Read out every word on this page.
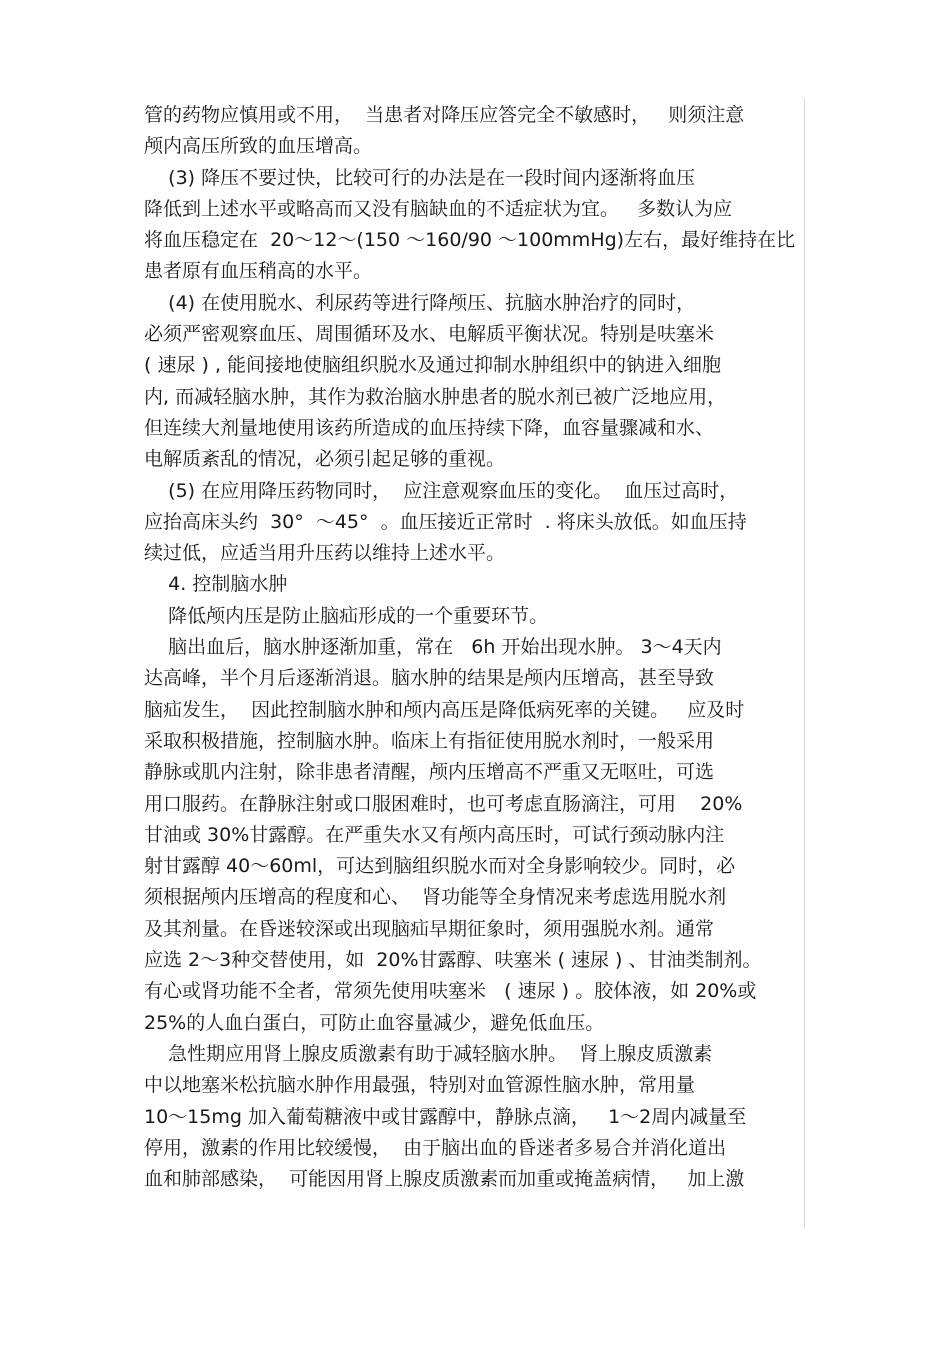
管的药物应慎用或不用，  当患者对降压应答完全不敏感时，   则须注意
颅内高压所致的血压增高。
(3) 降压不要过快，比较可行的办法是在一段时间内逐渐将血压
降低到上述水平或略高而又没有脑缺血的不适症状为宜。   多数认为应
将血压稳定在  20～12～(150 ～160/90 ～100mmHg)左右，最好维持在比
患者原有血压稍高的水平。
(4) 在使用脱水、利尿药等进行降颅压、抗脑水肿治疗的同时，
必须严密观察血压、周围循环及水、电解质平衡状况。特别是呋塞米
( 速尿 ) , 能间接地使脑组织脱水及通过抑制水肿组织中的钠进入细胞
内, 而减轻脑水肿，其作为救治脑水肿患者的脱水剂已被广泛地应用，
但连续大剂量地使用该药所造成的血压持续下降，血容量骤减和水、
电解质紊乱的情况，必须引起足够的重视。
(5) 在应用降压药物同时，  应注意观察血压的变化。  血压过高时，
应抬高床头约  30°  ～45°  。血压接近正常时  . 将床头放低。如血压持
续过低，应适当用升压药以维持上述水平。
4. 控制脑水肿
降低颅内压是防止脑疝形成的一个重要环节。
脑出血后，脑水肿逐渐加重，常在   6h 开始出现水肿。 3～4天内
达高峰，半个月后逐渐消退。脑水肿的结果是颅内压增高，甚至导致
脑疝发生，  因此控制脑水肿和颅内高压是降低病死率的关键。   应及时
采取积极措施，控制脑水肿。临床上有指征使用脱水剂时，一般采用
静脉或肌内注射，除非患者清醒，颅内压增高不严重又无呕吐，可选
用口服药。在静脉注射或口服困难时，也可考虑直肠滴注，可用    20%
甘油或 30%甘露醇。在严重失水又有颅内高压时，可试行颈动脉内注
射甘露醇 40～60ml，可达到脑组织脱水而对全身影响较少。同时，必
须根据颅内压增高的程度和心、  肾功能等全身情况来考虑选用脱水剂
及其剂量。在昏迷较深或出现脑疝早期征象时，须用强脱水剂。通常
应选 2～3种交替使用，如  20%甘露醇、呋塞米 ( 速尿 ) 、甘油类制剂。
有心或肾功能不全者，常须先使用呋塞米   ( 速尿 ) 。胶体液，如 20%或
25%的人血白蛋白，可防止血容量减少，避免低血压。
急性期应用肾上腺皮质激素有助于减轻脑水肿。  肾上腺皮质激素
中以地塞米松抗脑水肿作用最强，特别对血管源性脑水肿，常用量
10～15mg 加入葡萄糖液中或甘露醇中，静脉点滴，   1～2周内减量至
停用，激素的作用比较缓慢，  由于脑出血的昏迷者多易合并消化道出
血和肺部感染，  可能因用肾上腺皮质激素而加重或掩盖病情，   加上激
